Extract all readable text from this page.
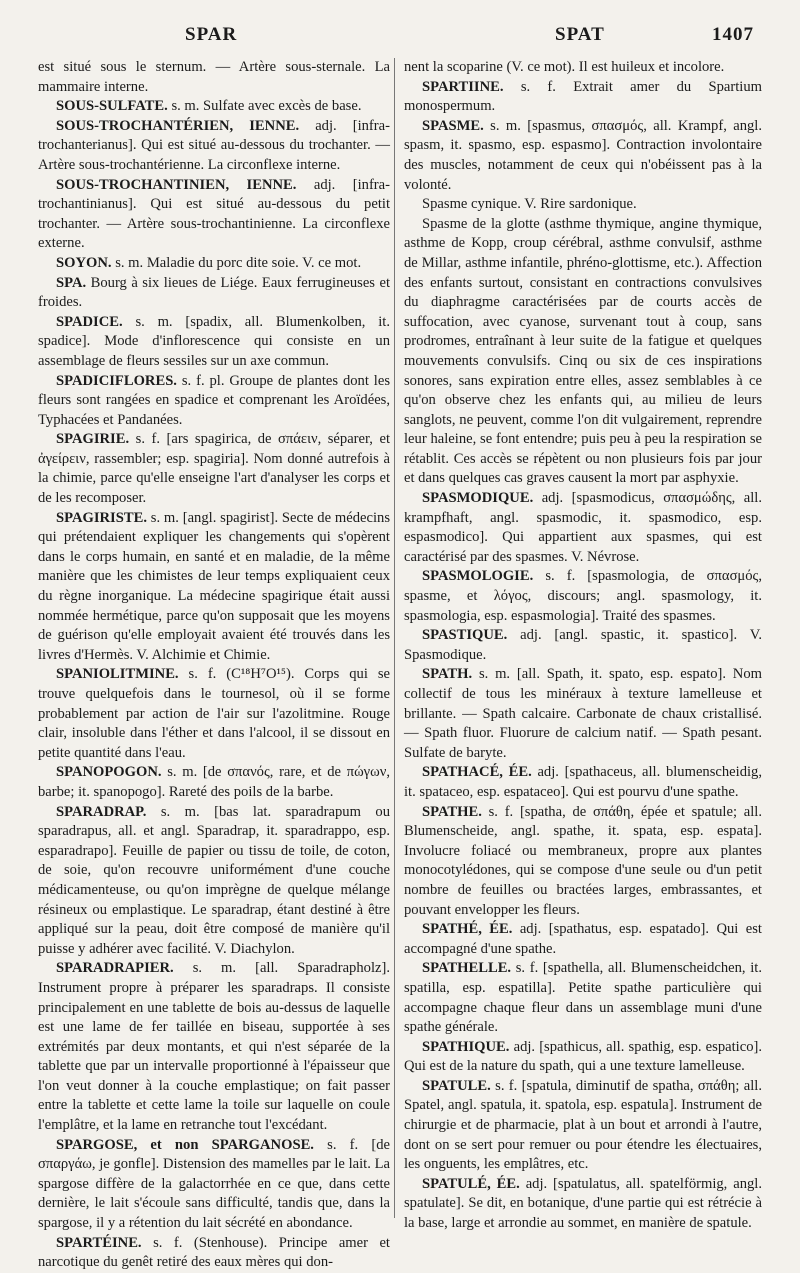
SPAR	SPAT	1407

est situé sous le sternum. — Artère sous-sternale. La mammaire interne.

SOUS-SULFATE. s. m. Sulfate avec excès de base.

SOUS-TROCHANTÉRIEN, IENNE. adj. [infra-trochanterianus]. Qui est situé au-dessous du trochanter. — Artère sous-trochantérienne. La circonflexe interne.

SOUS-TROCHANTINIEN, IENNE. adj. [infra-trochantinianus]. Qui est situé au-dessous du petit trochanter. — Artère sous-trochantinienne. La circonflexe externe.

SOYON. s. m. Maladie du porc dite soie. V. ce mot.

SPA. Bourg à six lieues de Liége. Eaux ferrugineuses et froides.

SPADICE. s. m. [spadix, all. Blumenkolben, it. spadice]. Mode d'inflorescence qui consiste en un assemblage de fleurs sessiles sur un axe commun.

SPADICIFLORES. s. f. pl. Groupe de plantes dont les fleurs sont rangées en spadice et comprenant les Aroïdées, Typhacées et Pandanées.

SPAGIRIE. s. f. [ars spagirica, de σπάειν, séparer, et ἀγείρειν, rassembler; esp. spagiria]. Nom donné autrefois à la chimie, parce qu'elle enseigne l'art d'analyser les corps et de les recomposer.

SPAGIRISTE. s. m. [angl. spagirist]. Secte de médecins qui prétendaient expliquer les changements qui s'opèrent dans le corps humain, en santé et en maladie, de la même manière que les chimistes de leur temps expliquaient ceux du règne inorganique. La médecine spagirique était aussi nommée hermétique, parce qu'on supposait que les moyens de guérison qu'elle employait avaient été trouvés dans les livres d'Hermès. V. Alchimie et Chimie.

SPANIOLITMINE. s. f. (C¹⁸H⁷O¹⁵). Corps qui se trouve quelquefois dans le tournesol, où il se forme probablement par action de l'air sur l'azolitmine. Rouge clair, insoluble dans l'éther et dans l'alcool, il se dissout en petite quantité dans l'eau.

SPANOPOGON. s. m. [de σπανός, rare, et de πώγων, barbe; it. spanopogo]. Rareté des poils de la barbe.

SPARADRAP. s. m. [bas lat. sparadrapum ou sparadrapus, all. et angl. Sparadrap, it. sparadrappo, esp. esparadrapo]. Feuille de papier ou tissu de toile, de coton, de soie, qu'on recouvre uniformément d'une couche médicamenteuse, ou qu'on imprègne de quelque mélange résineux ou emplastique. Le sparadrap, étant destiné à être appliqué sur la peau, doit être composé de manière qu'il puisse y adhérer avec facilité. V. Diachylon.

SPARADRAPIER. s. m. [all. Sparadrapholz]. Instrument propre à préparer les sparadraps. Il consiste principalement en une tablette de bois au-dessus de laquelle est une lame de fer taillée en biseau, supportée à ses extrémités par deux montants, et qui n'est séparée de la tablette que par un intervalle proportionné à l'épaisseur que l'on veut donner à la couche emplastique; on fait passer entre la tablette et cette lame la toile sur laquelle on coule l'emplâtre, et la lame en retranche tout l'excédant.

SPARGOSE, et non SPARGANOSE. s. f. [de σπαργάω, je gonfle]. Distension des mamelles par le lait. La spargose diffère de la galactorrhée en ce que, dans cette dernière, le lait s'écoule sans difficulté, tandis que, dans la spargose, il y a rétention du lait sécrété en abondance.

SPARTÉINE. s. f. (Stenhouse). Principe amer et narcotique du genêt retiré des eaux mères qui don-

nent la scoparine (V. ce mot). Il est huileux et incolore.

SPARTIINE. s. f. Extrait amer du Spartium monospermum.

SPASME. s. m. [spasmus, σπασμός, all. Krampf, angl. spasm, it. spasmo, esp. espasmo]. Contraction involontaire des muscles, notamment de ceux qui n'obéissent pas à la volonté.

Spasme cynique. V. Rire sardonique.

Spasme de la glotte (asthme thymique, angine thymique, asthme de Kopp, croup cérébral, asthme convulsif, asthme de Millar, asthme infantile, phréno-glottisme, etc.). Affection des enfants surtout, consistant en contractions convulsives du diaphragme caractérisées par de courts accès de suffocation, avec cyanose, survenant tout à coup, sans prodromes, entraînant à leur suite de la fatigue et quelques mouvements convulsifs. Cinq ou six de ces inspirations sonores, sans expiration entre elles, assez semblables à ce qu'on observe chez les enfants qui, au milieu de leurs sanglots, ne peuvent, comme l'on dit vulgairement, reprendre leur haleine, se font entendre; puis peu à peu la respiration se rétablit. Ces accès se répètent ou non plusieurs fois par jour et dans quelques cas graves causent la mort par asphyxie.

SPASMODIQUE. adj. [spasmodicus, σπασμώδης, all. krampfhaft, angl. spasmodic, it. spasmodico, esp. espasmodico]. Qui appartient aux spasmes, qui est caractérisé par des spasmes. V. Névrose.

SPASMOLOGIE. s. f. [spasmologia, de σπασμός, spasme, et λόγος, discours; angl. spasmology, it. spasmologia, esp. espasmologia]. Traité des spasmes.

SPASTIQUE. adj. [angl. spastic, it. spastico]. V. Spasmodique.

SPATH. s. m. [all. Spath, it. spato, esp. espato]. Nom collectif de tous les minéraux à texture lamelleuse et brillante. — Spath calcaire. Carbonate de chaux cristallisé. — Spath fluor. Fluorure de calcium natif. — Spath pesant. Sulfate de baryte.

SPATHACÉ, ÉE. adj. [spathaceus, all. blumenscheidig, it. spataceo, esp. espataceo]. Qui est pourvu d'une spathe.

SPATHE. s. f. [spatha, de σπάθη, épée et spatule; all. Blumenscheide, angl. spathe, it. spata, esp. espata]. Involucre foliacé ou membraneux, propre aux plantes monocotylédones, qui se compose d'une seule ou d'un petit nombre de feuilles ou bractées larges, embrassantes, et pouvant envelopper les fleurs.

SPATHÉ, ÉE. adj. [spathatus, esp. espatado]. Qui est accompagné d'une spathe.

SPATHELLE. s. f. [spathella, all. Blumenscheidchen, it. spatilla, esp. espatilla]. Petite spathe particulière qui accompagne chaque fleur dans un assemblage muni d'une spathe générale.

SPATHIQUE. adj. [spathicus, all. spathig, esp. espatico]. Qui est de la nature du spath, qui a une texture lamelleuse.

SPATULE. s. f. [spatula, diminutif de spatha, σπάθη; all. Spatel, angl. spatula, it. spatola, esp. espatula]. Instrument de chirurgie et de pharmacie, plat à un bout et arrondi à l'autre, dont on se sert pour remuer ou pour étendre les électuaires, les onguents, les emplâtres, etc.

SPATULÉ, ÉE. adj. [spatulatus, all. spatelförmig, angl. spatulate]. Se dit, en botanique, d'une partie qui est rétrécie à la base, large et arrondie au sommet, en manière de spatule.
